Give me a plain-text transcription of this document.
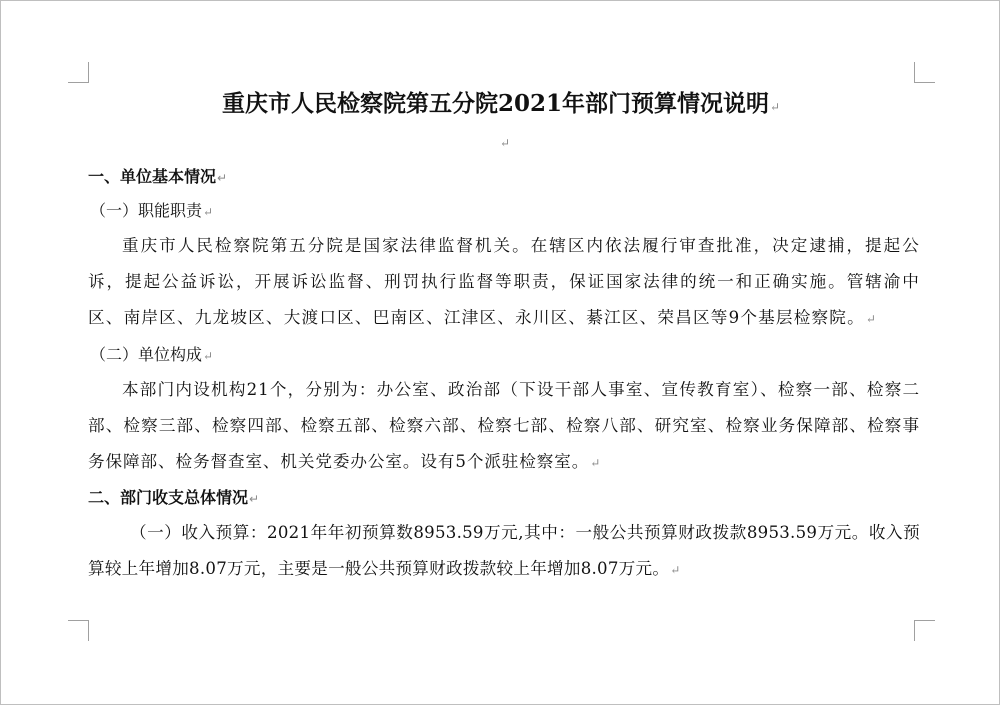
重庆市人民检察院第五分院2021年部门预算情况说明↵
↵
一、单位基本情况↵
（一）职能职责↵

重庆市人民检察院第五分院是国家法律监督机关。在辖区内依法履行审查批准，决定逮捕，提起公诉，提起公益诉讼，开展诉讼监督、刑罚执行监督等职责，保证国家法律的统一和正确实施。管辖渝中区、南岸区、九龙坡区、大渡口区、巴南区、江津区、永川区、綦江区、荣昌区等9个基层检察院。↵

（二）单位构成↵

本部门内设机构21个，分别为：办公室、政治部（下设干部人事室、宣传教育室）、检察一部、检察二部、检察三部、检察四部、检察五部、检察六部、检察七部、检察八部、研究室、检察业务保障部、检察事务保障部、检务督查室、机关党委办公室。设有5个派驻检察室。↵

二、部门收支总体情况↵

（一）收入预算：2021年年初预算数8953.59万元,其中：一般公共预算财政拨款8953.59万元。收入预算较上年增加8.07万元，主要是一般公共预算财政拨款较上年增加8.07万元。↵
